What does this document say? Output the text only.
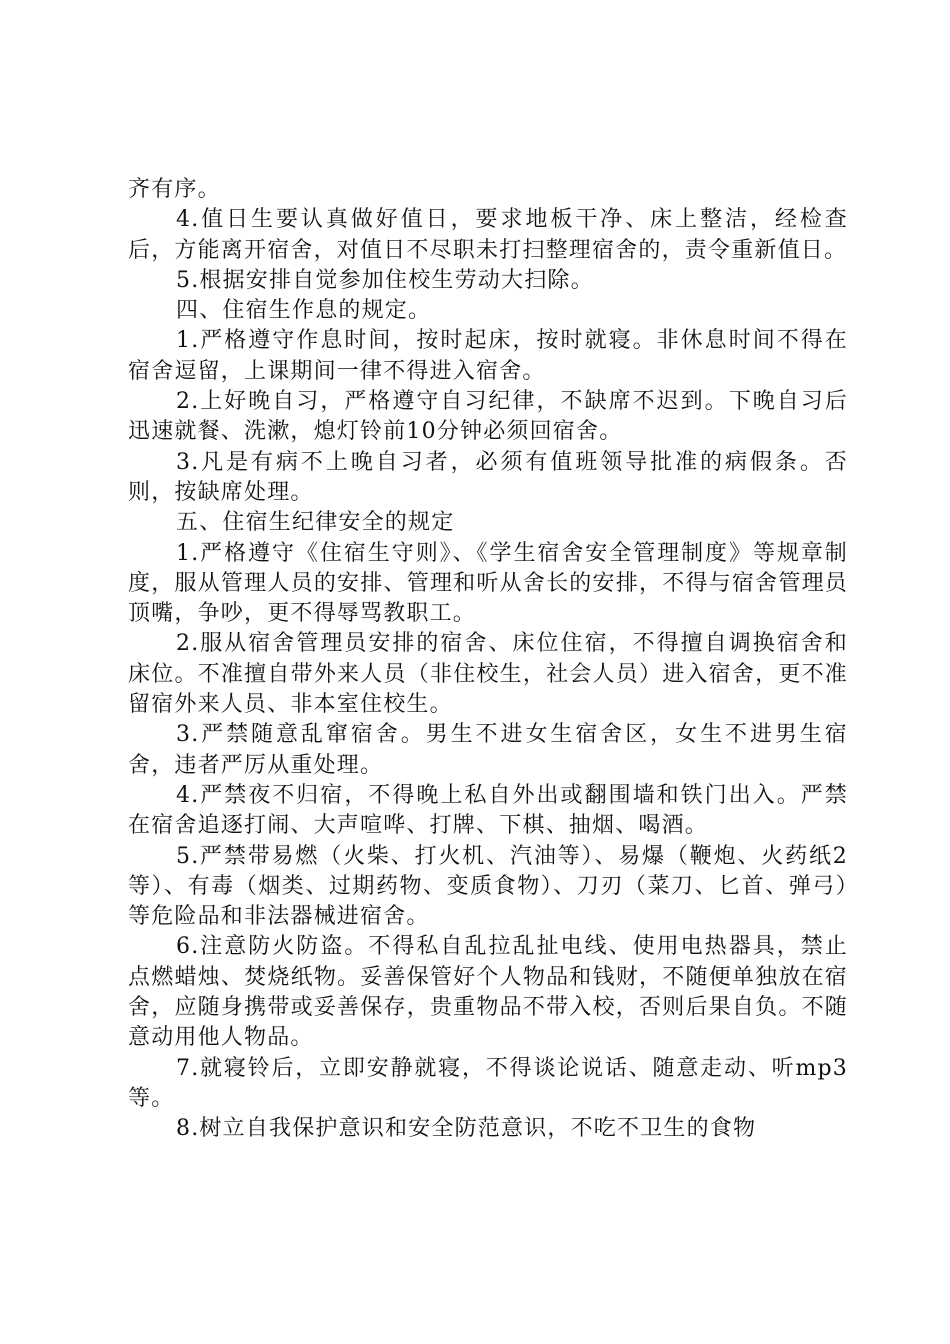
齐有序。

4.值日生要认真做好值日，要求地板干净、床上整洁，经检查后，方能离开宿舍，对值日不尽职未打扫整理宿舍的，责令重新值日。

5.根据安排自觉参加住校生劳动大扫除。

四、住宿生作息的规定。

1.严格遵守作息时间，按时起床，按时就寝。非休息时间不得在宿舍逗留，上课期间一律不得进入宿舍。

2.上好晚自习，严格遵守自习纪律，不缺席不迟到。下晚自习后迅速就餐、洗漱，熄灯铃前10分钟必须回宿舍。

3.凡是有病不上晚自习者，必须有值班领导批准的病假条。否则，按缺席处理。

五、住宿生纪律安全的规定

1.严格遵守《住宿生守则》、《学生宿舍安全管理制度》等规章制度，服从管理人员的安排、管理和听从舍长的安排，不得与宿舍管理员顶嘴，争吵，更不得辱骂教职工。

2.服从宿舍管理员安排的宿舍、床位住宿，不得擅自调换宿舍和床位。不准擅自带外来人员（非住校生，社会人员）进入宿舍，更不准留宿外来人员、非本室住校生。

3.严禁随意乱窜宿舍。男生不进女生宿舍区，女生不进男生宿舍，违者严厉从重处理。

4.严禁夜不归宿，不得晚上私自外出或翻围墙和铁门出入。严禁在宿舍追逐打闹、大声喧哗、打牌、下棋、抽烟、喝酒。

5.严禁带易燃（火柴、打火机、汽油等）、易爆（鞭炮、火药纸2等）、有毒（烟类、过期药物、变质食物）、刀刃（菜刀、匕首、弹弓）等危险品和非法器械进宿舍。

6.注意防火防盗。不得私自乱拉乱扯电线、使用电热器具，禁止点燃蜡烛、焚烧纸物。妥善保管好个人物品和钱财，不随便单独放在宿舍，应随身携带或妥善保存，贵重物品不带入校，否则后果自负。不随意动用他人物品。

7.就寝铃后，立即安静就寝，不得谈论说话、随意走动、听mp3等。

8.树立自我保护意识和安全防范意识，不吃不卫生的食物
